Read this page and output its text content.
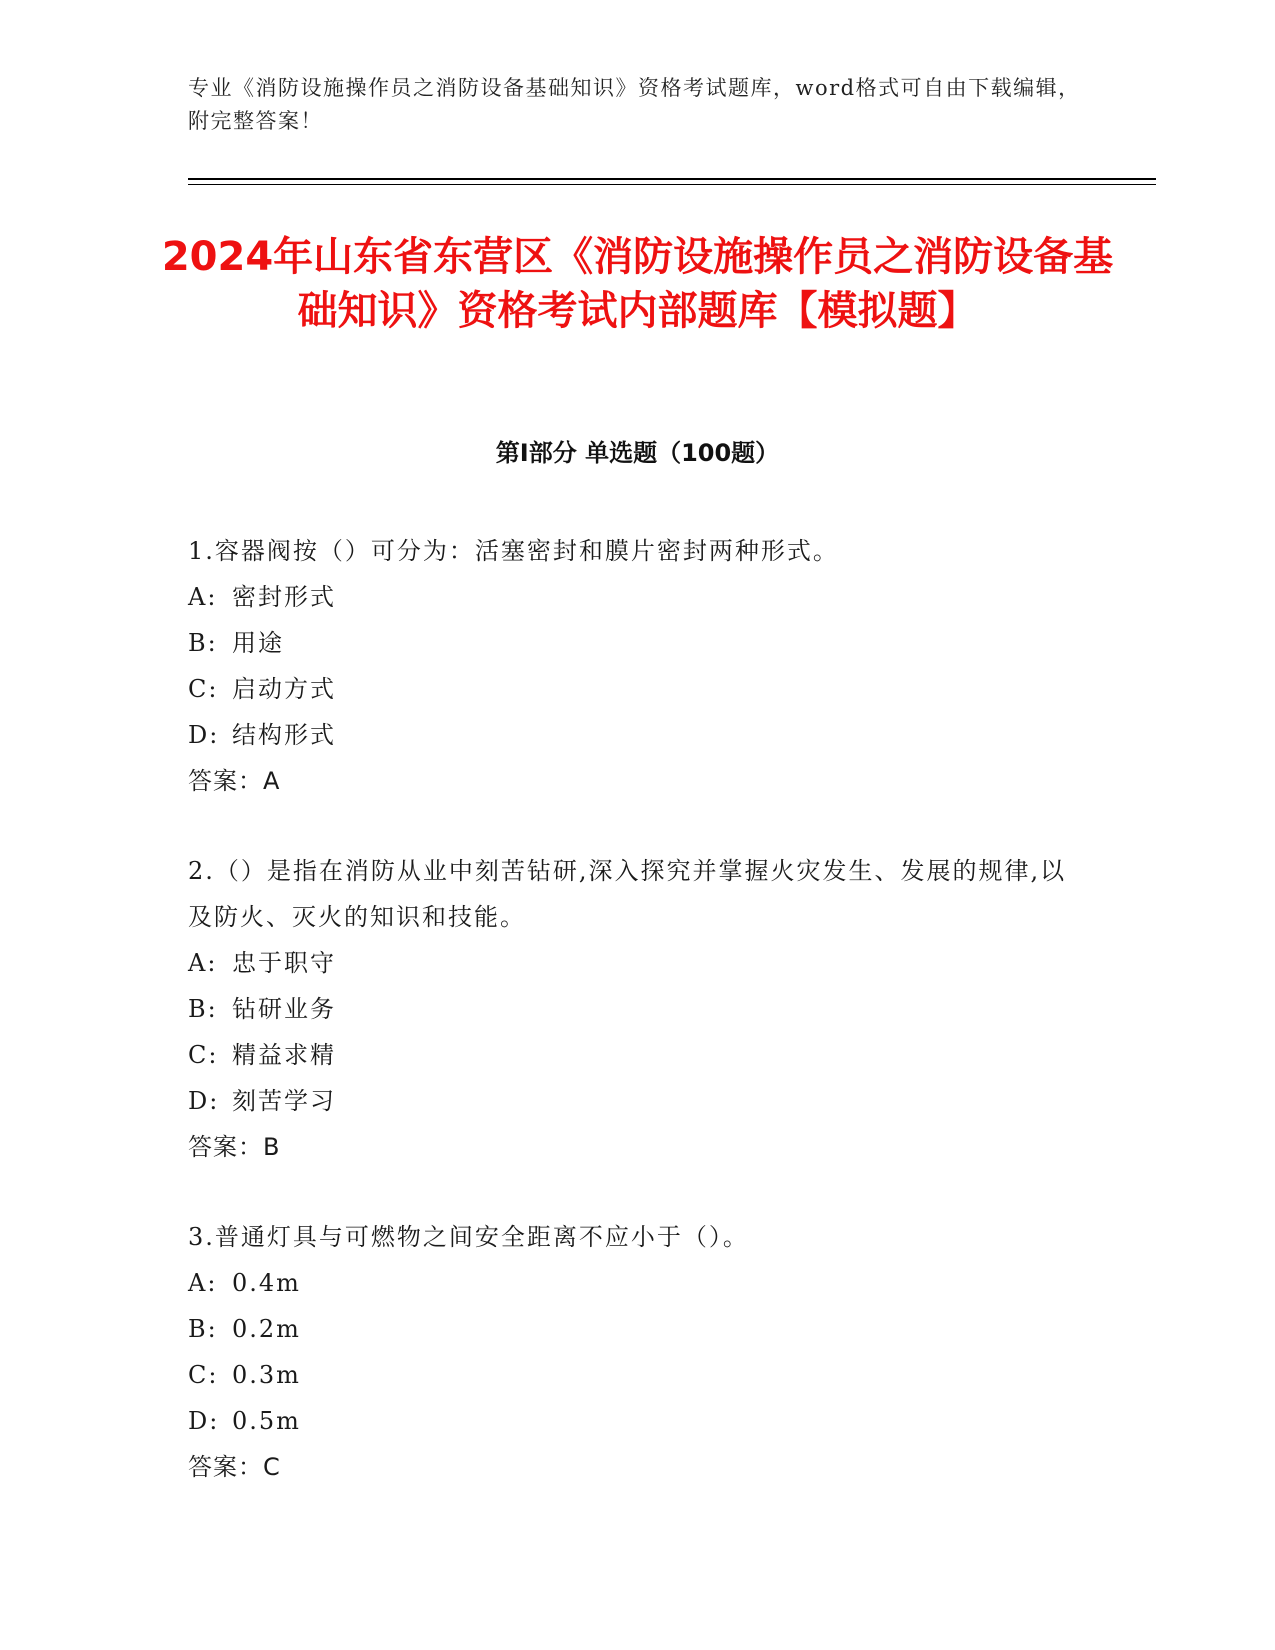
专业《消防设施操作员之消防设备基础知识》资格考试题库，word格式可自由下载编辑，附完整答案！
2024年山东省东营区《消防设施操作员之消防设备基础知识》资格考试内部题库【模拟题】
第Ⅰ部分 单选题（100题）

1.容器阀按（）可分为：活塞密封和膜片密封两种形式。

A: 密封形式
B: 用途
C: 启动方式
D: 结构形式
答案：A

2.（）是指在消防从业中刻苦钻研,深入探究并掌握火灾发生、发展的规律,以及防火、灭火的知识和技能。

A: 忠于职守
B: 钻研业务
C: 精益求精
D: 刻苦学习
答案：B

3.普通灯具与可燃物之间安全距离不应小于（）。

A: 0.4m
B: 0.2m
C: 0.3m
D: 0.5m
答案：C
